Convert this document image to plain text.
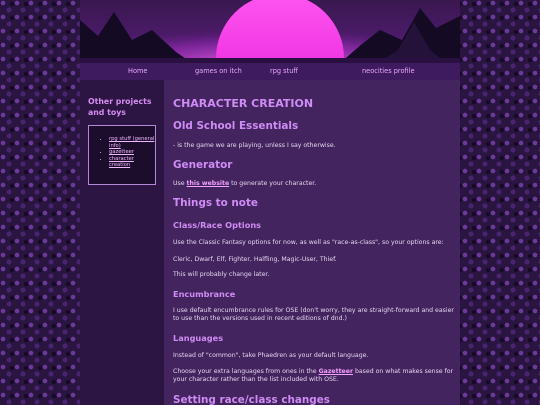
Home	games on itch	rpg stuff	neocities profile
Other projects and toys
• rpg stuff (general info)
• gazetteer
• character creation
CHARACTER CREATION
Old School Essentials
- is the game we are playing, unless I say otherwise.
Generator
Use this website to generate your character.
Things to note
Class/Race Options
Use the Classic Fantasy options for now, as well as "race-as-class", so your options are:
Cleric, Dwarf, Elf, Fighter, Halfling, Magic-User, Thief.
This will probably change later.
Encumbrance
I use default encumbrance rules for OSE (don't worry, they are straight-forward and easier to use than the versions used in recent editions of dnd.)
Languages
Instead of "common", take Phaedren as your default language.
Choose your extra languages from ones in the Gazetteer based on what makes sense for your character rather than the list included with OSE.
Setting race/class changes
